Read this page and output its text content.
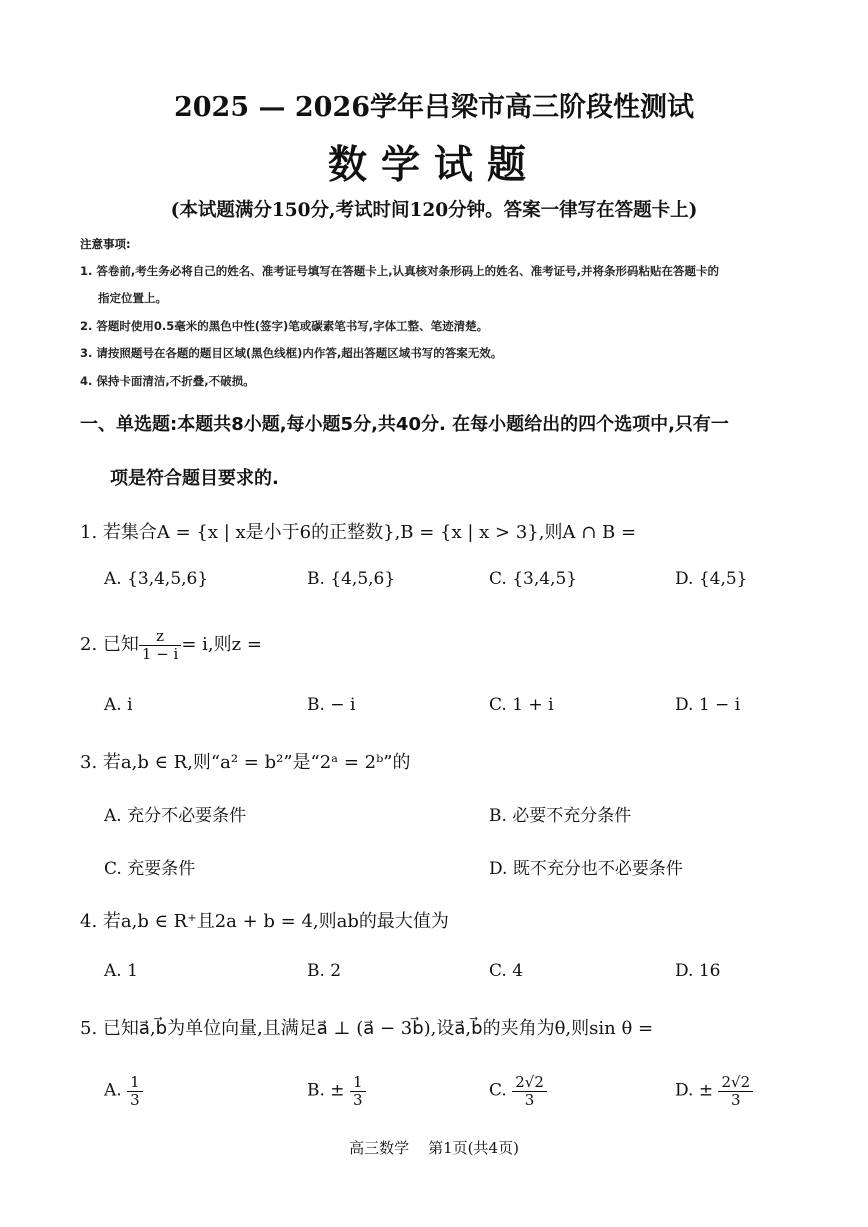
2025 — 2026学年吕梁市高三阶段性测试
数学试题
(本试题满分150分,考试时间120分钟。答案一律写在答题卡上)
注意事项:
1. 答卷前,考生务必将自己的姓名、准考证号填写在答题卡上,认真核对条形码上的姓名、准考证号,并将条形码粘贴在答题卡的
指定位置上。
2. 答题时使用0.5毫米的黑色中性(签字)笔或碳素笔书写,字体工整、笔迹清楚。
3. 请按照题号在各题的题目区域(黑色线框)内作答,超出答题区域书写的答案无效。
4. 保持卡面清洁,不折叠,不破损。
一、单选题:本题共8小题,每小题5分,共40分. 在每小题给出的四个选项中,只有一
项是符合题目要求的.
1. 若集合A = {x | x是小于6的正整数},B = {x | x > 3},则A ∩ B =
A. {3,4,5,6}	B. {4,5,6}	C. {3,4,5}	D. {4,5}
2. 已知 $\frac{z}{1 - i} = i$,则z =
A. i	B. − i	C. 1 + i	D. 1 − i
3. 若a,b ∈ R,则“a² = b²”是“2ᵃ = 2ᵇ”的
A. 充分不必要条件	B. 必要不充分条件
C. 充要条件	D. 既不充分也不必要条件
4. 若a,b ∈ R⁺且2a + b = 4,则ab的最大值为
A. 1	B. 2	C. 4	D. 16
5. 已知a⃗,b⃗为单位向量,且满足a⃗ ⊥ (a⃗ − 3b⃗),设a⃗,b⃗的夹角为θ,则sin θ =
A. $\frac{1}{3}$	B. ± $\frac{1}{3}$	C. $\frac{2√2}{3}$	D. ± $\frac{2√2}{3}$
高三数学    第1页(共4页)
